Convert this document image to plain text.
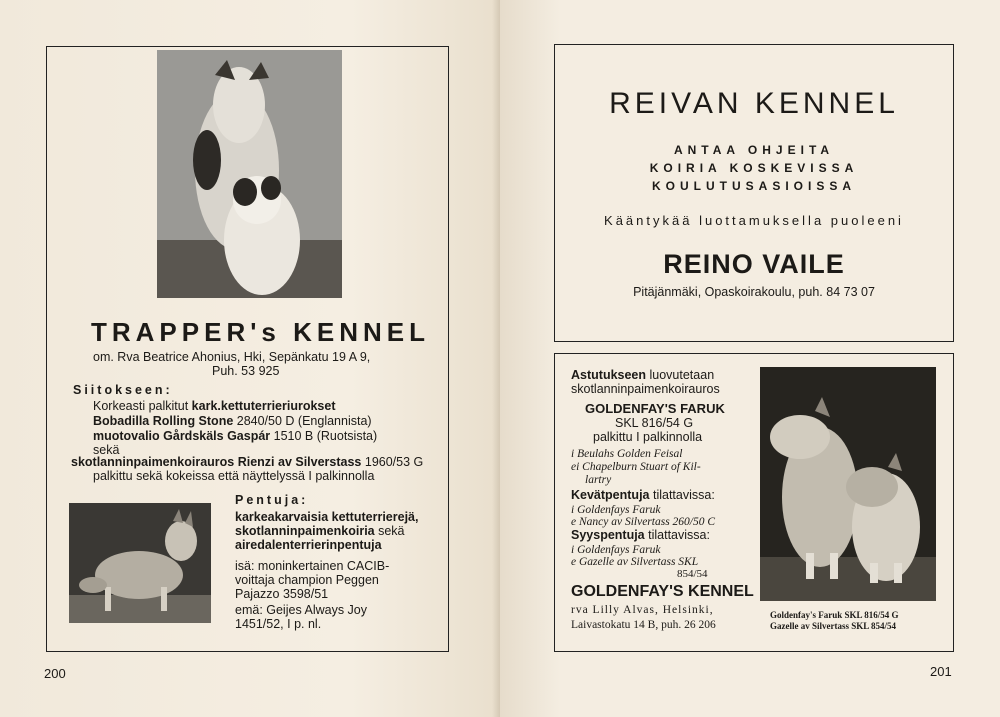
TRAPPER's KENNEL
om. Rva Beatrice Ahonius, Hki, Sepänkatu 19 A 9,
Puh. 53 925
Siitokseen:
Korkeasti palkitut kark.kettuterrieriurokset
Bobadilla Rolling Stone 2840/50 D (Englannista)
muotovalio Gårdskäls Gaspár 1510 B (Ruotsista)
sekä
skotlanninpaimenkoirauros Rienzi av Silverstass 1960/53 G
palkittu sekä kokeissa että näyttelyssä I palkinnolla
Pentuja:
karkeakarvaisia kettuterrierejä,
skotlanninpaimenkoiria sekä
airedalenterrierinpentuja
isä: moninkertainen CACIB-
voittaja champion Peggen
Pajazzo 3598/51
emä: Geijes Always Joy
1451/52, I p. nl.
200
REIVAN KENNEL
ANTAA OHJEITA
KOIRIA KOSKEVISSA
KOULUTUSASIOISSA
Kääntykää luottamuksella puoleeni
REINO VAILE
Pitäjänmäki, Opaskoirakoulu, puh. 84 73 07
Astutukseen luovutetaan
skotlanninpaimenkoirauros
GOLDENFAY'S FARUK
SKL 816/54 G
palkittu I palkinnolla
i Beulahs Golden Feisal
ei Chapelburn Stuart of Kil-
lartry
Kevätpentuja tilattavissa:
i Goldenfays Faruk
e Nancy av Silvertass 260/50 C
Syyspentuja tilattavissa:
i Goldenfays Faruk
e Gazelle av Silvertass SKL
854/54
GOLDENFAY'S KENNEL
rva Lilly Alvas, Helsinki,
Laivastokatu 14 B, puh. 26 206
Goldenfay's Faruk SKL 816/54 G
Gazelle av Silvertass SKL 854/54
201
